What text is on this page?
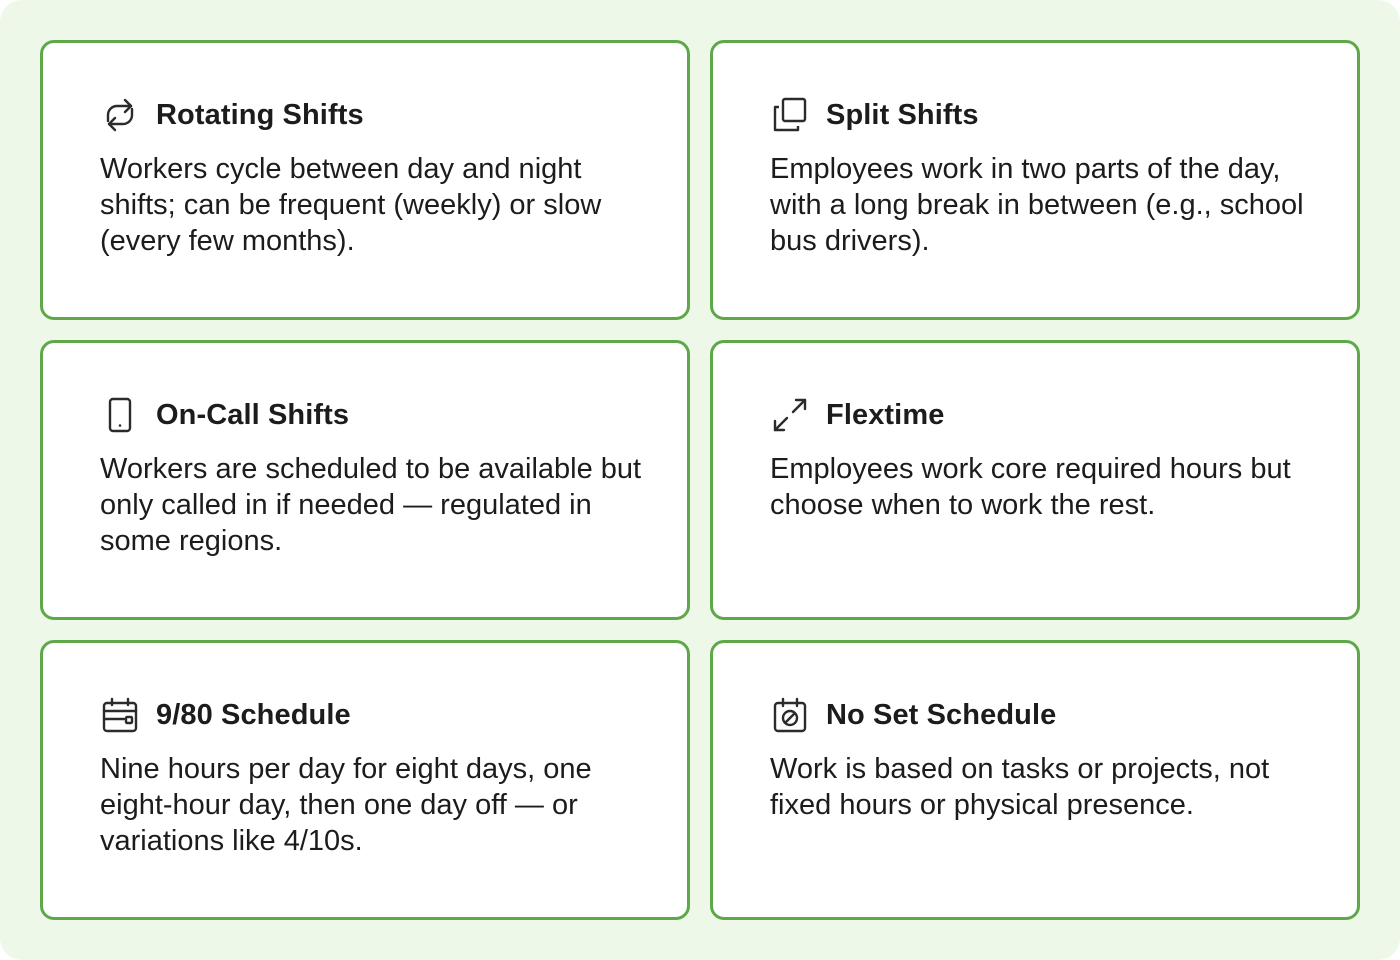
Rotating Shifts
Workers cycle between day and night shifts; can be frequent (weekly) or slow (every few months).
Split Shifts
Employees work in two parts of the day, with a long break in between (e.g., school bus drivers).
On-Call Shifts
Workers are scheduled to be available but only called in if needed — regulated in some regions.
Flextime
Employees work core required hours but choose when to work the rest.
9/80 Schedule
Nine hours per day for eight days, one eight-hour day, then one day off — or variations like 4/10s.
No Set Schedule
Work is based on tasks or projects, not fixed hours or physical presence.
